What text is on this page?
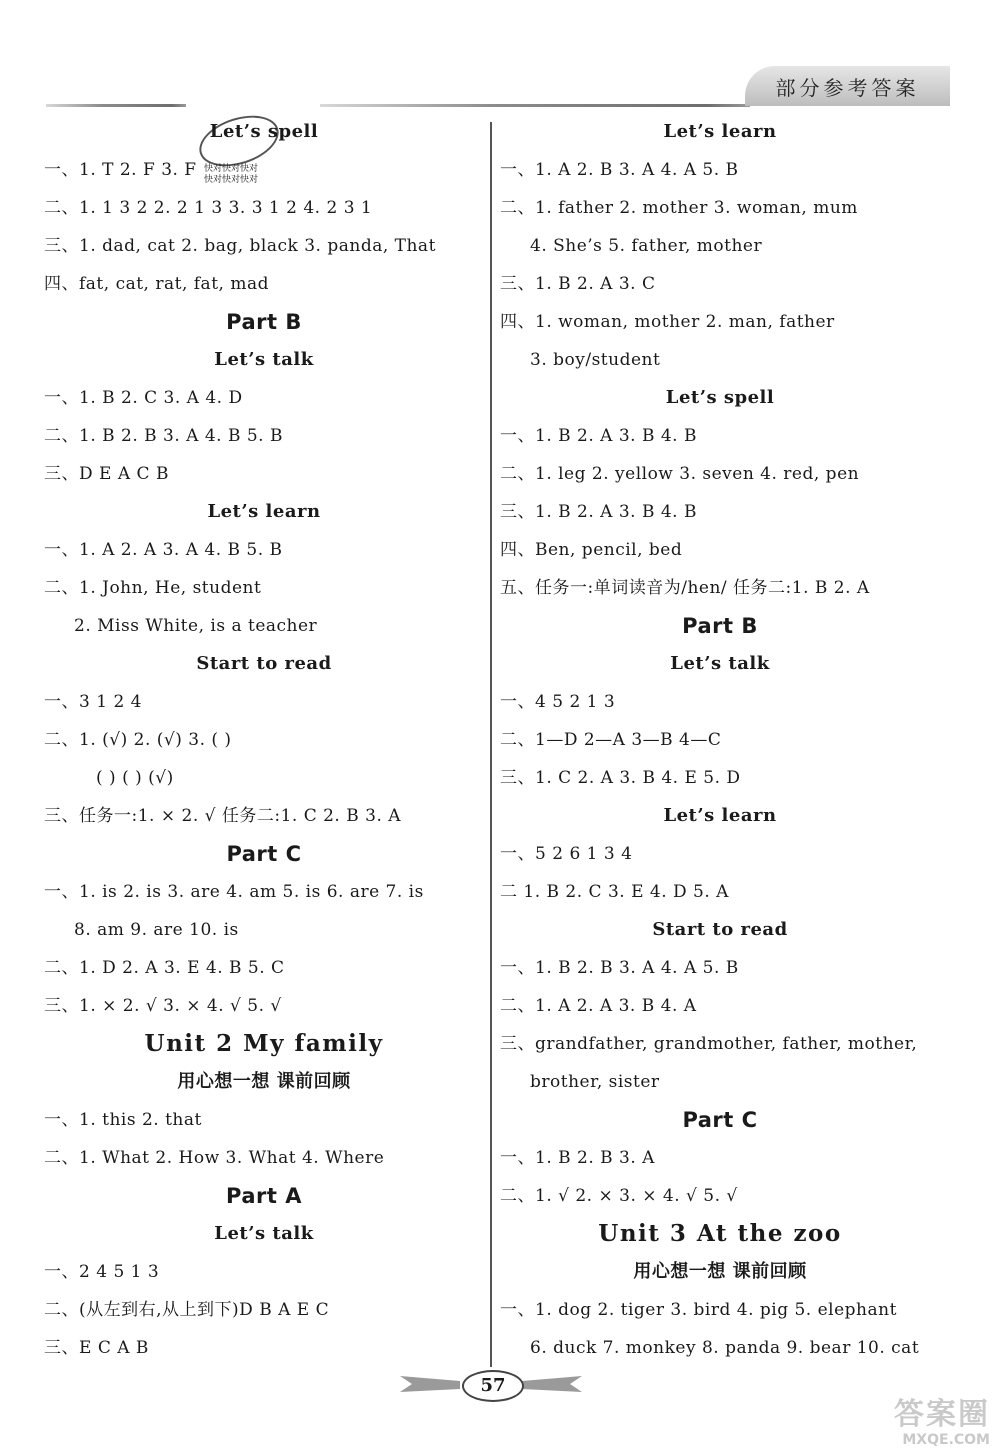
部分参考答案
快对快对快对
快对快对快对
Let’s spell
一、1. T 2. F 3. F
二、1. 1 3 2 2. 2 1 3 3. 3 1 2 4. 2 3 1
三、1. dad, cat 2. bag, black 3. panda, That
四、fat, cat, rat, fat, mad
Part B
Let’s talk
一、1. B 2. C 3. A 4. D
二、1. B 2. B 3. A 4. B 5. B
三、D E A C B
Let’s learn
一、1. A 2. A 3. A 4. B 5. B
二、1. John, He, student
2. Miss White, is a teacher
Start to read
一、3 1 2 4
二、1. (√) 2. (√) 3. ( )
( ) ( ) (√)
三、任务一:1. × 2. √ 任务二:1. C 2. B 3. A
Part C
一、1. is 2. is 3. are 4. am 5. is 6. are 7. is
8. am 9. are 10. is
二、1. D 2. A 3. E 4. B 5. C
三、1. × 2. √ 3. × 4. √ 5. √
Unit 2 My family
用心想一想 课前回顾
一、1. this 2. that
二、1. What 2. How 3. What 4. Where
Part A
Let’s talk
一、2 4 5 1 3
二、(从左到右,从上到下)D B A E C
三、E C A B
Let’s learn
一、1. A 2. B 3. A 4. A 5. B
二、1. father 2. mother 3. woman, mum
4. She’s 5. father, mother
三、1. B 2. A 3. C
四、1. woman, mother 2. man, father
3. boy/student
Let’s spell
一、1. B 2. A 3. B 4. B
二、1. leg 2. yellow 3. seven 4. red, pen
三、1. B 2. A 3. B 4. B
四、Ben, pencil, bed
五、任务一:单词读音为/hen/ 任务二:1. B 2. A
Part B
Let’s talk
一、4 5 2 1 3
二、1—D 2—A 3—B 4—C
三、1. C 2. A 3. B 4. E 5. D
Let’s learn
一、5 2 6 1 3 4
二 1. B 2. C 3. E 4. D 5. A
Start to read
一、1. B 2. B 3. A 4. A 5. B
二、1. A 2. A 3. B 4. A
三、grandfather, grandmother, father, mother,
brother, sister
Part C
一、1. B 2. B 3. A
二、1. √ 2. × 3. × 4. √ 5. √
Unit 3 At the zoo
用心想一想 课前回顾
一、1. dog 2. tiger 3. bird 4. pig 5. elephant
6. duck 7. monkey 8. panda 9. bear 10. cat
57
答案圈
MXQE.COM
